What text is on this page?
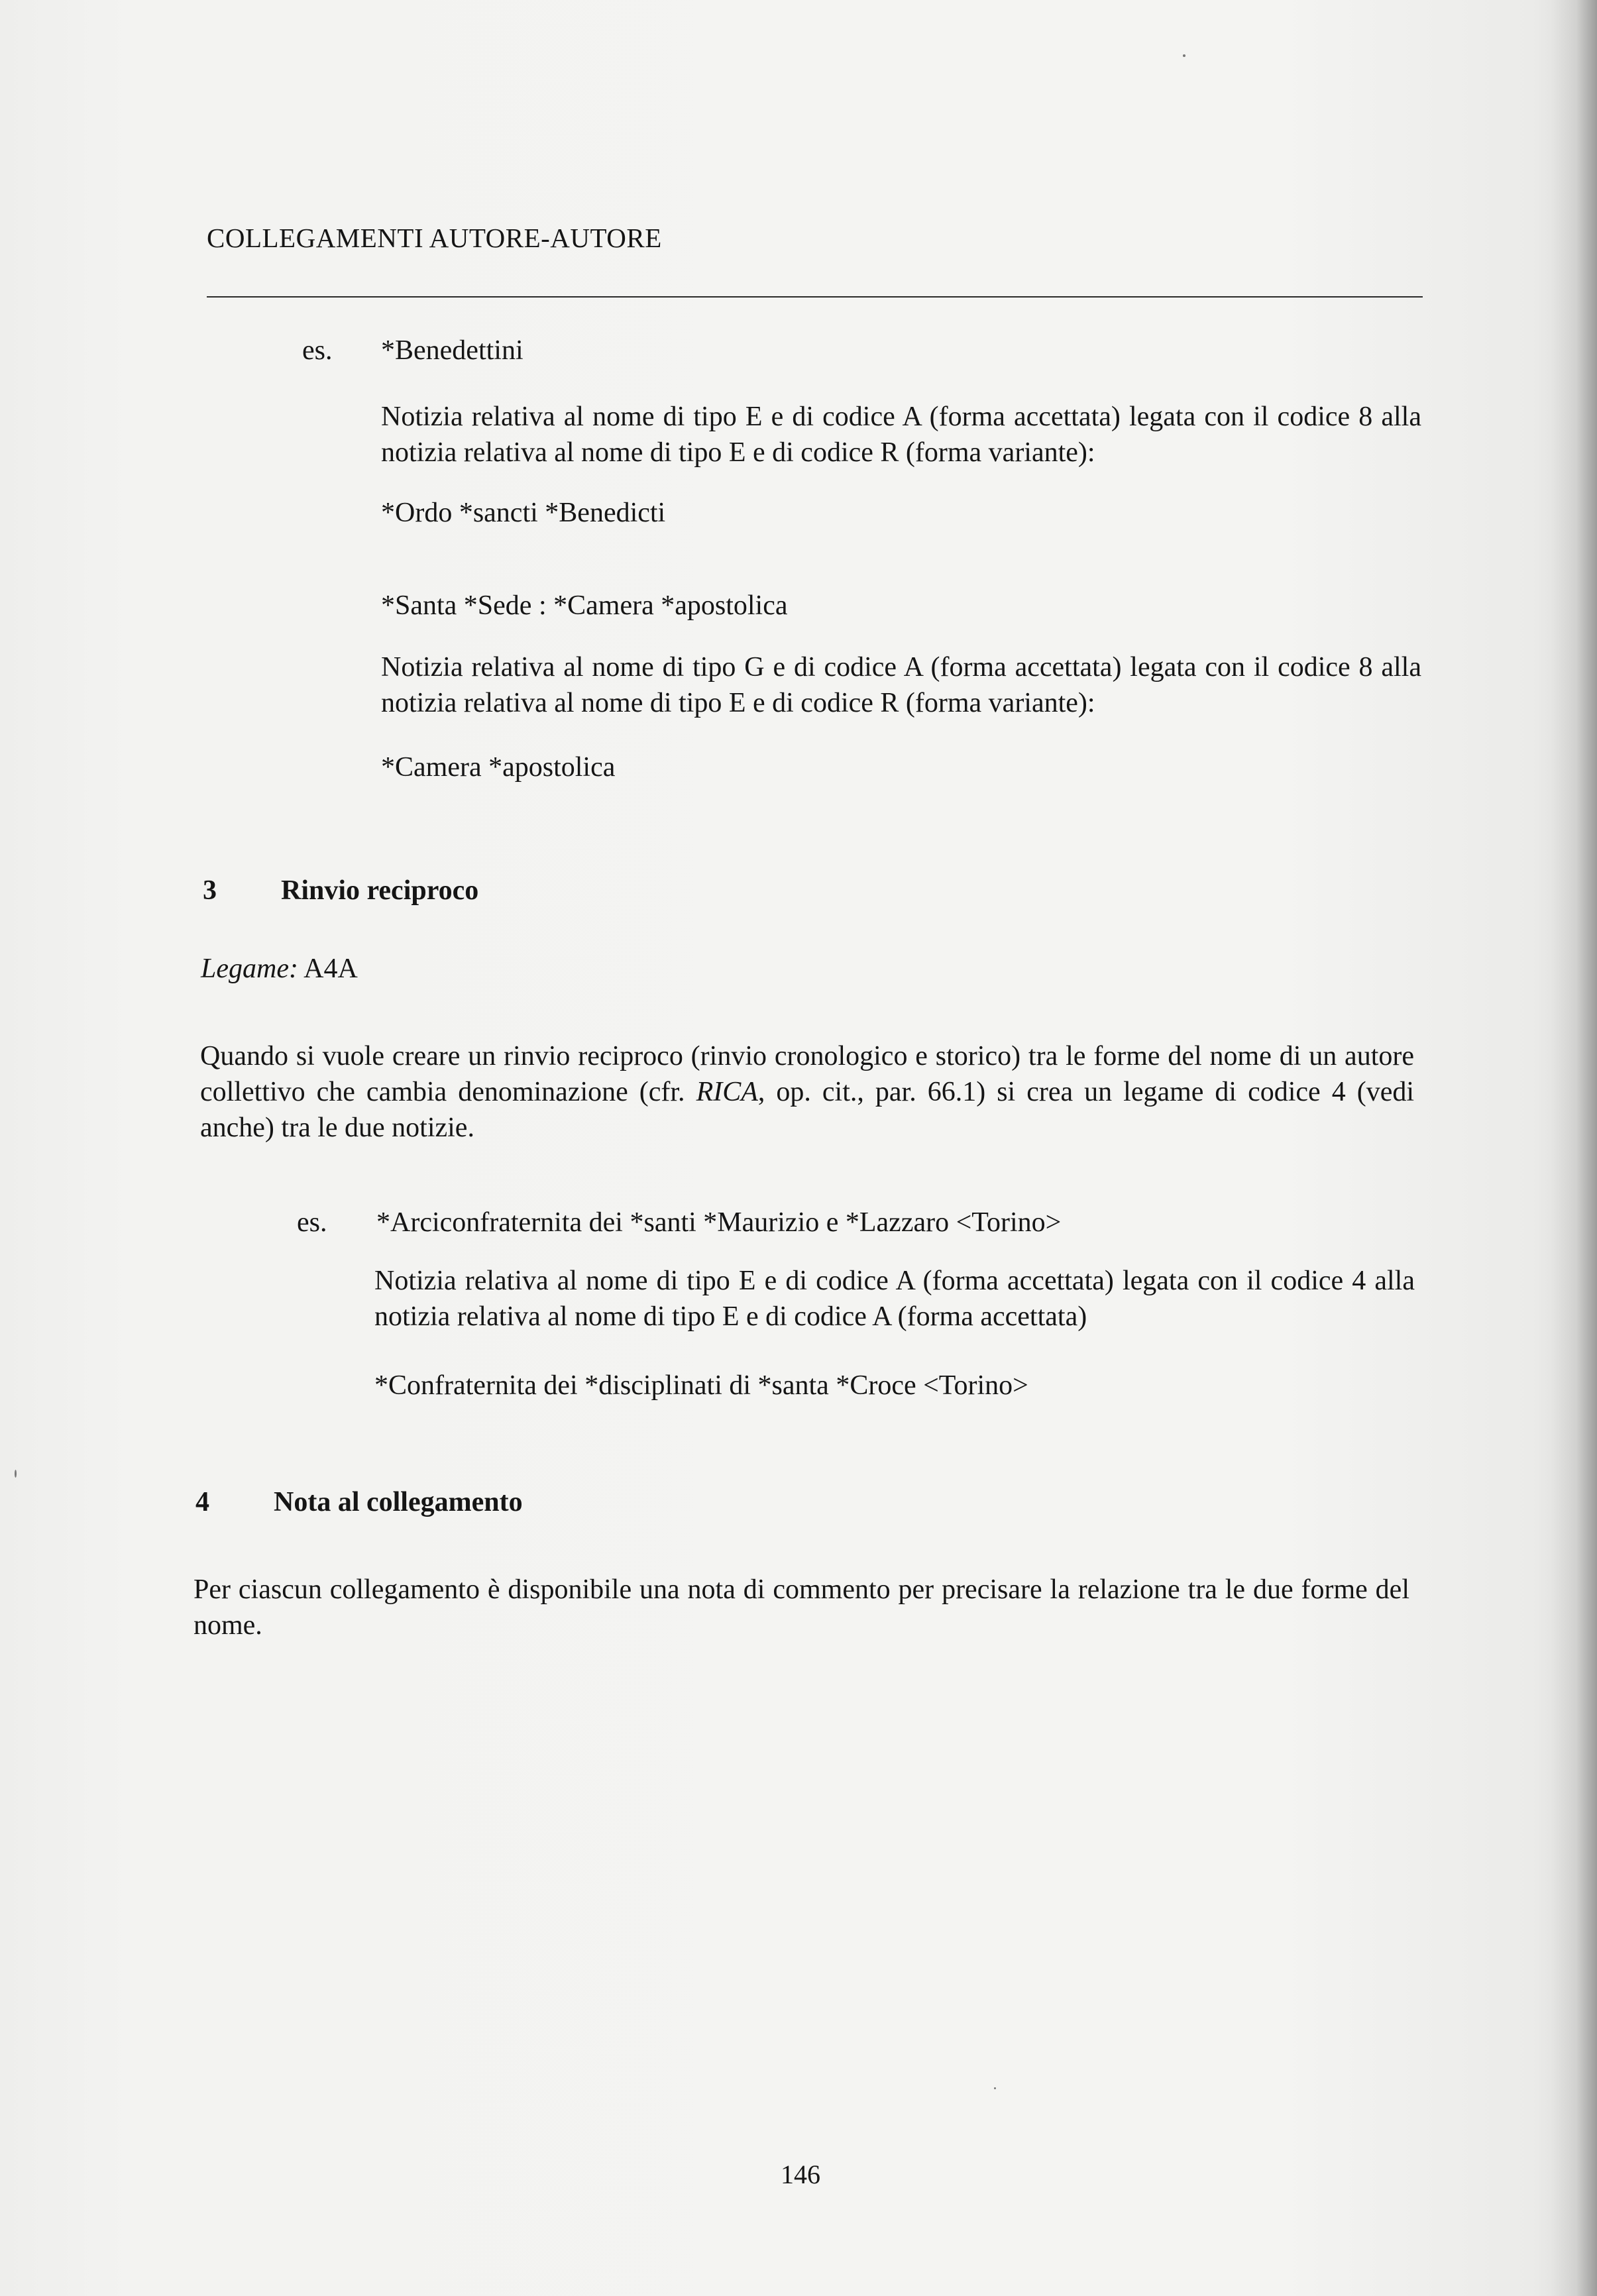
COLLEGAMENTI AUTORE-AUTORE
es. *Benedettini
Notizia relativa al nome di tipo E e di codice A (forma accettata) legata con il codice 8 alla notizia relativa al nome di tipo E e di codice R (forma variante):
*Ordo *sancti *Benedicti
*Santa *Sede : *Camera *apostolica
Notizia relativa al nome di tipo G e di codice A (forma accettata) legata con il codice 8 alla notizia relativa al nome di tipo E e di codice R (forma variante):
*Camera *apostolica
3 Rinvio reciproco
Legame: A4A
Quando si vuole creare un rinvio reciproco (rinvio cronologico e storico) tra le forme del nome di un autore collettivo che cambia denominazione (cfr. RICA, op. cit., par. 66.1) si crea un legame di codice 4 (vedi anche) tra le due notizie.
es. *Arciconfraternita dei *santi *Maurizio e *Lazzaro <Torino>
Notizia relativa al nome di tipo E e di codice A (forma accettata) legata con il codice 4 alla notizia relativa al nome di tipo E e di codice A (forma accettata)
*Confraternita dei *disciplinati di *santa *Croce <Torino>
4 Nota al collegamento
Per ciascun collegamento è disponibile una nota di commento per precisare la relazione tra le due forme del nome.
146
